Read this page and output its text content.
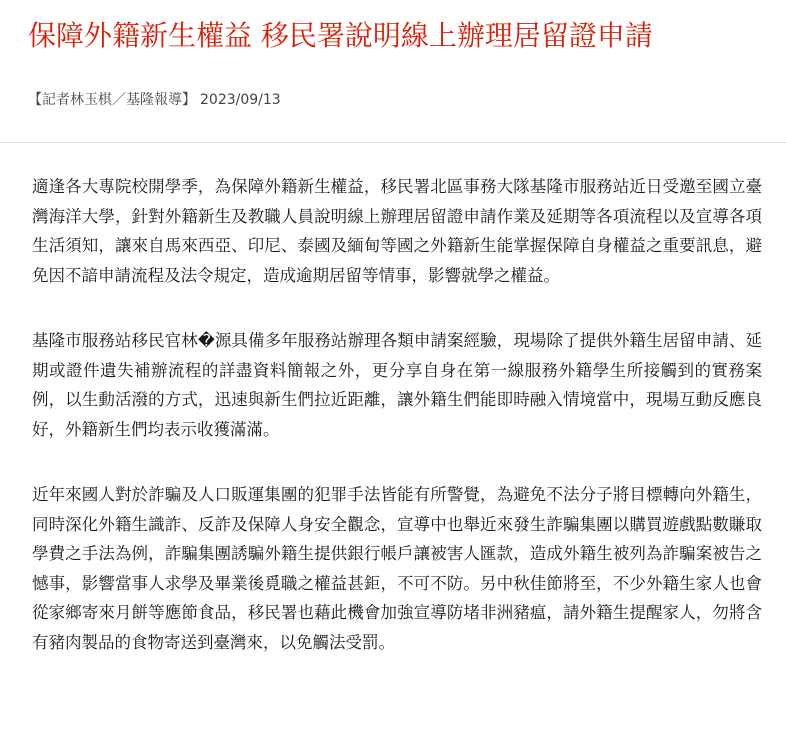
保障外籍新生權益 移民署說明線上辦理居留證申請
【記者林玉棋／基隆報導】 2023/09/13

適逢各大專院校開學季，為保障外籍新生權益，移民署北區事務大隊基隆市服務站近日受邀至國立臺灣海洋大學，針對外籍新生及教職人員說明線上辦理居留證申請作業及延期等各項流程以及宣導各項生活須知，讓來自馬來西亞、印尼、泰國及緬甸等國之外籍新生能掌握保障自身權益之重要訊息，避免因不諳申請流程及法令規定，造成逾期居留等情事，影響就學之權益。

基隆市服務站移民官林�源具備多年服務站辦理各類申請案經驗，現場除了提供外籍生居留申請、延期或證件遺失補辦流程的詳盡資料簡報之外，更分享自身在第一線服務外籍學生所接觸到的實務案例，以生動活潑的方式，迅速與新生們拉近距離，讓外籍生們能即時融入情境當中，現場互動反應良好，外籍新生們均表示收獲滿滿。

近年來國人對於詐騙及人口販運集團的犯罪手法皆能有所警覺，為避免不法分子將目標轉向外籍生，同時深化外籍生識詐、反詐及保障人身安全觀念，宣導中也舉近來發生詐騙集團以購買遊戲點數賺取學費之手法為例，詐騙集團誘騙外籍生提供銀行帳戶讓被害人匯款，造成外籍生被列為詐騙案被告之憾事，影響當事人求學及畢業後覓職之權益甚鉅，不可不防。另中秋佳節將至，不少外籍生家人也會從家鄉寄來月餅等應節食品，移民署也藉此機會加強宣導防堵非洲豬瘟，請外籍生提醒家人，勿將含有豬肉製品的食物寄送到臺灣來，以免觸法受罰。
